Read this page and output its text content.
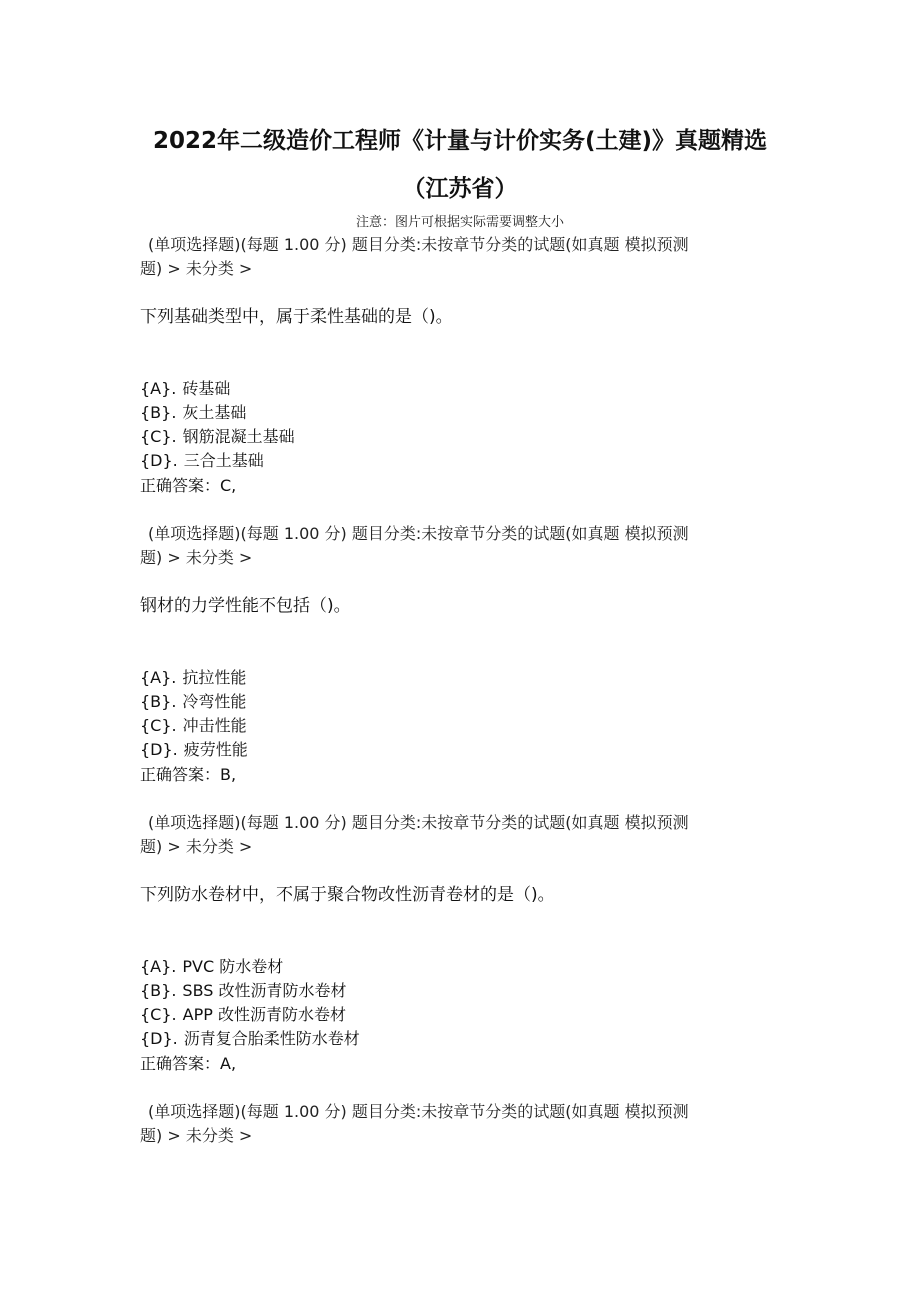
2022年二级造价工程师《计量与计价实务(土建)》真题精选
（江苏省）
注意：图片可根据实际需要调整大小
(单项选择题)(每题 1.00 分) 题目分类:未按章节分类的试题(如真题 模拟预测
题) > 未分类 >
下列基础类型中，属于柔性基础的是（)。
{A}. 砖基础
{B}. 灰土基础
{C}. 钢筋混凝土基础
{D}. 三合土基础
正确答案：C,
(单项选择题)(每题 1.00 分) 题目分类:未按章节分类的试题(如真题 模拟预测
题) > 未分类 >
钢材的力学性能不包括（)。
{A}. 抗拉性能
{B}. 冷弯性能
{C}. 冲击性能
{D}. 疲劳性能
正确答案：B,
(单项选择题)(每题 1.00 分) 题目分类:未按章节分类的试题(如真题 模拟预测
题) > 未分类 >
下列防水卷材中，不属于聚合物改性沥青卷材的是（)。
{A}. PVC 防水卷材
{B}. SBS 改性沥青防水卷材
{C}. APP 改性沥青防水卷材
{D}. 沥青复合胎柔性防水卷材
正确答案：A,
(单项选择题)(每题 1.00 分) 题目分类:未按章节分类的试题(如真题 模拟预测
题) > 未分类 >
